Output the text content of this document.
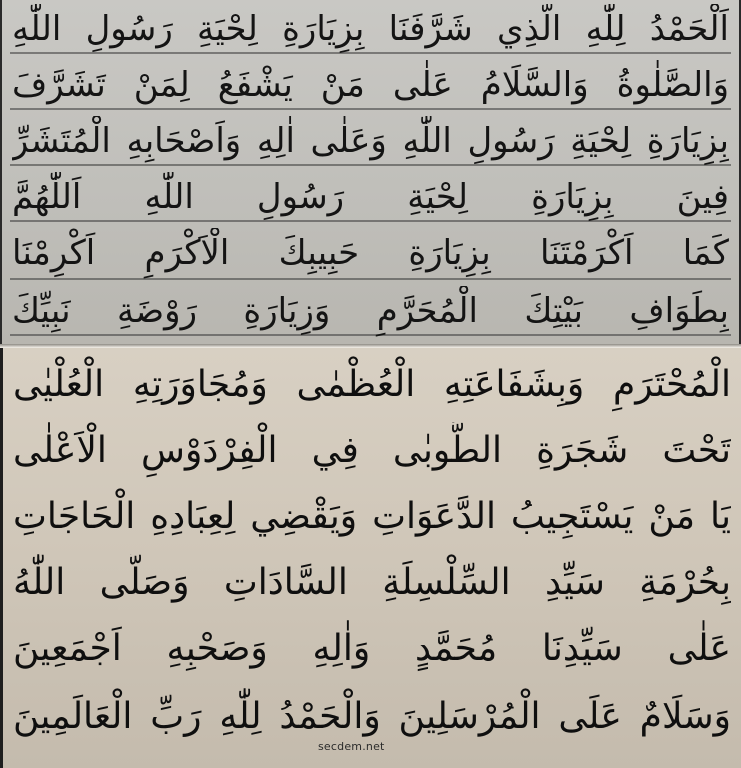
اَلْحَمْدُ لِلّٰهِ الَّذِي شَرَّفَنَا بِزِيَارَةِ لِحْيَةِ رَسُولِ اللّٰهِ
وَالصَّلٰوةُ وَالسَّلَامُ عَلٰى مَنْ يَشْفَعُ لِمَنْ تَشَرَّفَ
بِزِيَارَةِ لِحْيَةِ رَسُولِ اللّٰهِ وَعَلٰى اٰلِهِ وَاَصْحَابِهِ الْمُتَشَرِّ
فِينَ بِزِيَارَةِ لِحْيَةِ رَسُولِ اللّٰهِ اَللّٰهُمَّ
كَمَا اَكْرَمْتَنَا بِزِيَارَةِ حَبِيبِكَ الْاَكْرَمِ اَكْرِمْنَا
بِطَوَافِ بَيْتِكَ الْمُحَرَّمِ وَزِيَارَةِ رَوْضَةِ نَبِيِّكَ
الْمُحْتَرَمِ وَبِشَفَاعَتِهِ الْعُظْمٰى وَمُجَاوَرَتِهِ الْعُلْيٰى
تَحْتَ شَجَرَةِ الطُّوبٰى فِي الْفِرْدَوْسِ الْاَعْلٰى
يَا مَنْ يَسْتَجِيبُ الدَّعَوَاتِ وَيَقْضِي لِعِبَادِهِ الْحَاجَاتِ
بِحُرْمَةِ سَيِّدِ السِّلْسِلَةِ السَّادَاتِ وَصَلَّى اللّٰهُ
عَلٰى سَيِّدِنَا مُحَمَّدٍ وَاٰلِهِ وَصَحْبِهِ اَجْمَعِينَ
وَسَلَامٌ عَلَى الْمُرْسَلِينَ وَالْحَمْدُ لِلّٰهِ رَبِّ الْعَالَمِينَ
secdem.net
